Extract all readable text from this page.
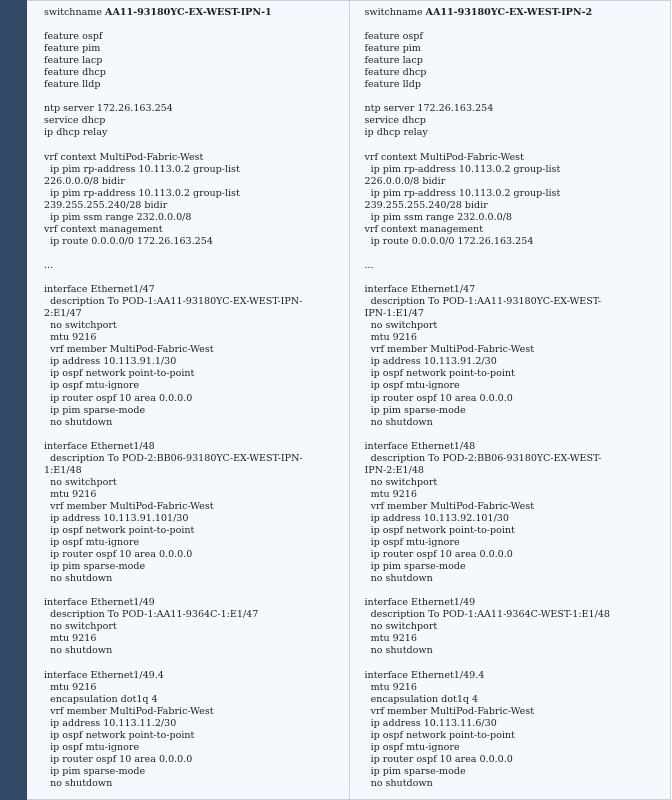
switchname AA11-93180YC-EX-WEST-IPN-1
feature ospf
feature pim
feature lacp
feature dhcp
feature lldp
ntp server 172.26.163.254
service dhcp
ip dhcp relay
vrf context MultiPod-Fabric-West
ip pim rp-address 10.113.0.2 group-list
226.0.0.0/8 bidir
ip pim rp-address 10.113.0.2 group-list
239.255.255.240/28 bidir
ip pim ssm range 232.0.0.0/8
vrf context management
ip route 0.0.0.0/0 172.26.163.254
...
interface Ethernet1/47
description To POD-1:AA11-93180YC-EX-WEST-IPN-
2:E1/47
no switchport
mtu 9216
vrf member MultiPod-Fabric-West
ip address 10.113.91.1/30
ip ospf network point-to-point
ip ospf mtu-ignore
ip router ospf 10 area 0.0.0.0
ip pim sparse-mode
no shutdown
interface Ethernet1/48
description To POD-2:BB06-93180YC-EX-WEST-IPN-
1:E1/48
no switchport
mtu 9216
vrf member MultiPod-Fabric-West
ip address 10.113.91.101/30
ip ospf network point-to-point
ip ospf mtu-ignore
ip router ospf 10 area 0.0.0.0
ip pim sparse-mode
no shutdown
interface Ethernet1/49
description To POD-1:AA11-9364C-1:E1/47
no switchport
mtu 9216
no shutdown
interface Ethernet1/49.4
mtu 9216
encapsulation dot1q 4
vrf member MultiPod-Fabric-West
ip address 10.113.11.2/30
ip ospf network point-to-point
ip ospf mtu-ignore
ip router ospf 10 area 0.0.0.0
ip pim sparse-mode
no shutdown
switchname AA11-93180YC-EX-WEST-IPN-2
feature ospf
feature pim
feature lacp
feature dhcp
feature lldp
ntp server 172.26.163.254
service dhcp
ip dhcp relay
vrf context MultiPod-Fabric-West
ip pim rp-address 10.113.0.2 group-list
226.0.0.0/8 bidir
ip pim rp-address 10.113.0.2 group-list
239.255.255.240/28 bidir
ip pim ssm range 232.0.0.0/8
vrf context management
ip route 0.0.0.0/0 172.26.163.254
...
interface Ethernet1/47
description To POD-1:AA11-93180YC-EX-WEST-
IPN-1:E1/47
no switchport
mtu 9216
vrf member MultiPod-Fabric-West
ip address 10.113.91.2/30
ip ospf network point-to-point
ip ospf mtu-ignore
ip router ospf 10 area 0.0.0.0
ip pim sparse-mode
no shutdown
interface Ethernet1/48
description To POD-2:BB06-93180YC-EX-WEST-
IPN-2:E1/48
no switchport
mtu 9216
vrf member MultiPod-Fabric-West
ip address 10.113.92.101/30
ip ospf network point-to-point
ip ospf mtu-ignore
ip router ospf 10 area 0.0.0.0
ip pim sparse-mode
no shutdown
interface Ethernet1/49
description To POD-1:AA11-9364C-WEST-1:E1/48
no switchport
mtu 9216
no shutdown
interface Ethernet1/49.4
mtu 9216
encapsulation dot1q 4
vrf member MultiPod-Fabric-West
ip address 10.113.11.6/30
ip ospf network point-to-point
ip ospf mtu-ignore
ip router ospf 10 area 0.0.0.0
ip pim sparse-mode
no shutdown
